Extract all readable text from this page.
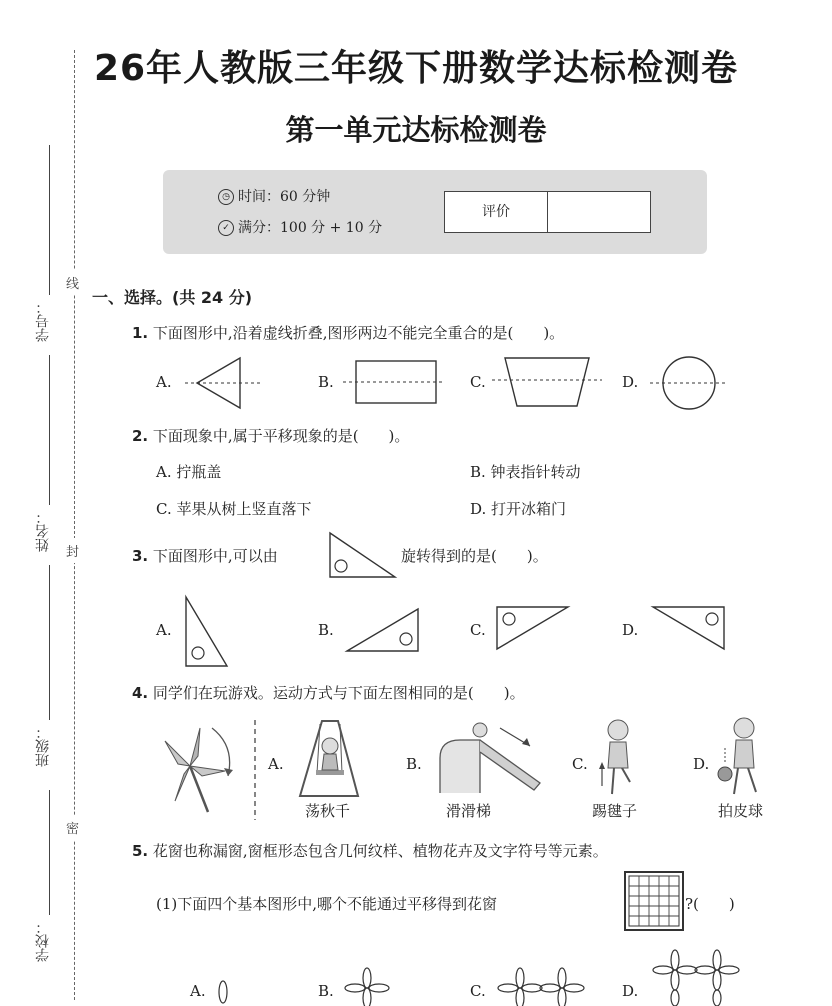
线
封
密
学号：
姓名：
班级：
学校：
26年人教版三年级下册数学达标检测卷
第一单元达标检测卷
◷ 时间：60 分钟
✓ 满分：100 分 + 10 分
评价
一、选择。(共 24 分)
1. 下面图形中,沿着虚线折叠,图形两边不能完全重合的是(　　)。
A.	B.	C.	D.
2. 下面现象中,属于平移现象的是(　　)。
A. 拧瓶盖	B. 钟表指针转动
C. 苹果从树上竖直落下	D. 打开冰箱门
3. 下面图形中,可以由	旋转得到的是(　　)。
A.	B.	C.	D.
4. 同学们在玩游戏。运动方式与下面左图相同的是(　　)。
A.
荡秋千
B.
滑滑梯
C.
踢毽子
D.
拍皮球
5. 花窗也称漏窗,窗框形态包含几何纹样、植物花卉及文字符号等元素。
(1)下面四个基本图形中,哪个不能通过平移得到花窗	?(　　)
A.	B.	C.	D.
